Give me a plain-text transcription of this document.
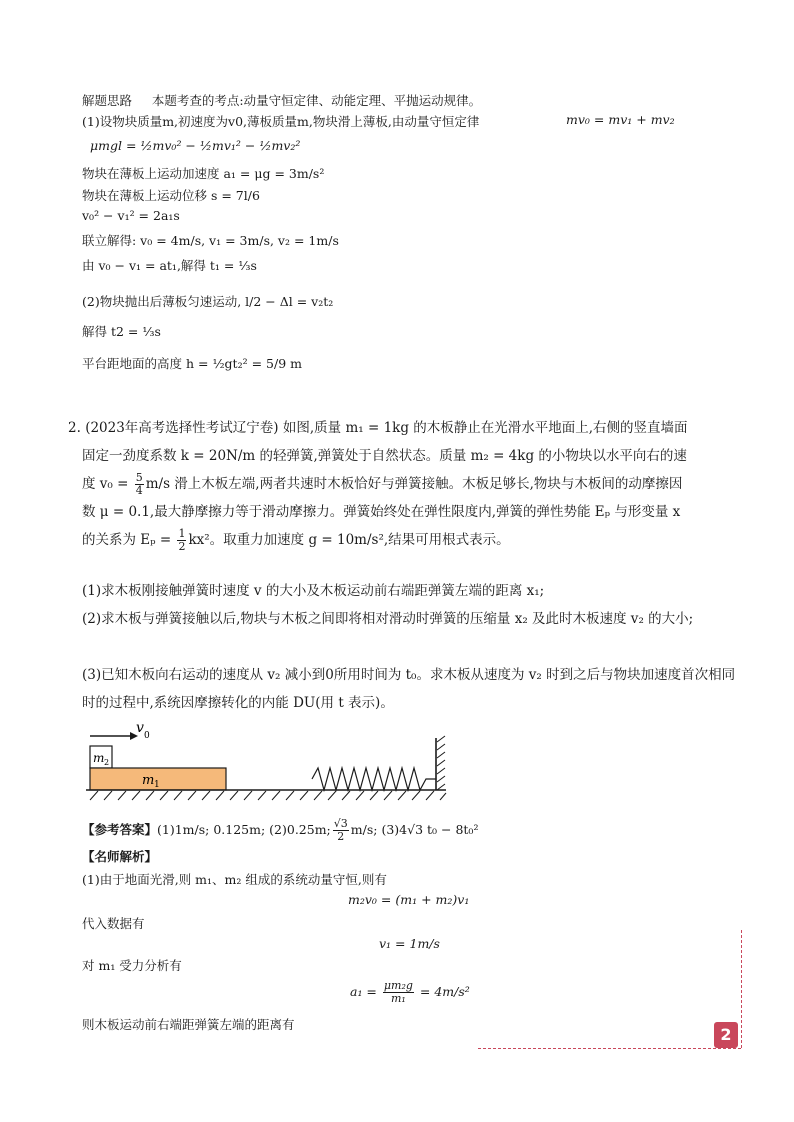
解题思路 本题考查的考点:动量守恒定律、动能定理、平抛运动规律。
(1)设物块质量m,初速度为v0,薄板质量m,物块滑上薄板,由动量守恒定律	mv₀ = mv₁ + mv₂
μmgl = ½mv₀² − ½mv₁² − ½mv₂²
物块在薄板上运动加速度 a₁ = μg = 3m/s²
物块在薄板上运动位移 s = 7l/6
v₀² − v₁² = 2a₁s
联立解得: v₀ = 4m/s, v₁ = 3m/s, v₂ = 1m/s
由 v₀ − v₁ = at₁,解得 t₁ = ⅓s
(2)物块抛出后薄板匀速运动, l/2 − Δl = v₂t₂
解得 t2 = ⅓s
平台距地面的高度 h = ½gt₂² = 5/9 m
2. (2023年高考选择性考试辽宁卷) 如图,质量 m₁ = 1kg 的木板静止在光滑水平地面上,右侧的竖直墙面
固定一劲度系数 k = 20N/m 的轻弹簧,弹簧处于自然状态。质量 m₂ = 4kg 的小物块以水平向右的速
度 $v_0 = \frac{5}{4} m/s$ 滑上木板左端,两者共速时木板恰好与弹簧接触。木板足够长,物块与木板间的动摩擦因
数 μ = 0.1,最大静摩擦力等于滑动摩擦力。弹簧始终处在弹性限度内,弹簧的弹性势能 Eₚ 与形变量 x
的关系为 $E_p = \frac{1}{2} kx^2$。取重力加速度 g = 10m/s²,结果可用根式表示。
(1)求木板刚接触弹簧时速度 v 的大小及木板运动前右端距弹簧左端的距离 x₁;
(2)求木板与弹簧接触以后,物块与木板之间即将相对滑动时弹簧的压缩量 x₂ 及此时木板速度 v₂ 的大小;
(3)已知木板向右运动的速度从 v₂ 减小到0所用时间为 t₀。求木板从速度为 v₂ 时到之后与物块加速度首次相同时的过程中,系统因摩擦转化的内能 DU(用 t 表示)。
v 0
m 2
m 1
【参考答案】(1)1m/s; 0.125m; (2)0.25m; $\frac{√3}{2} m/s$; (3)4√3 t₀ − 8t₀²
【名师解析】
(1)由于地面光滑,则 m₁、m₂ 组成的系统动量守恒,则有
m₂v₀ = (m₁ + m₂)v₁
代入数据有
v₁ = 1m/s
对 m₁ 受力分析有
$a_1 = \frac{\text{μm₂g}}{\text{m₁}} = 4m/s^2$
则木板运动前右端距弹簧左端的距离有
2
